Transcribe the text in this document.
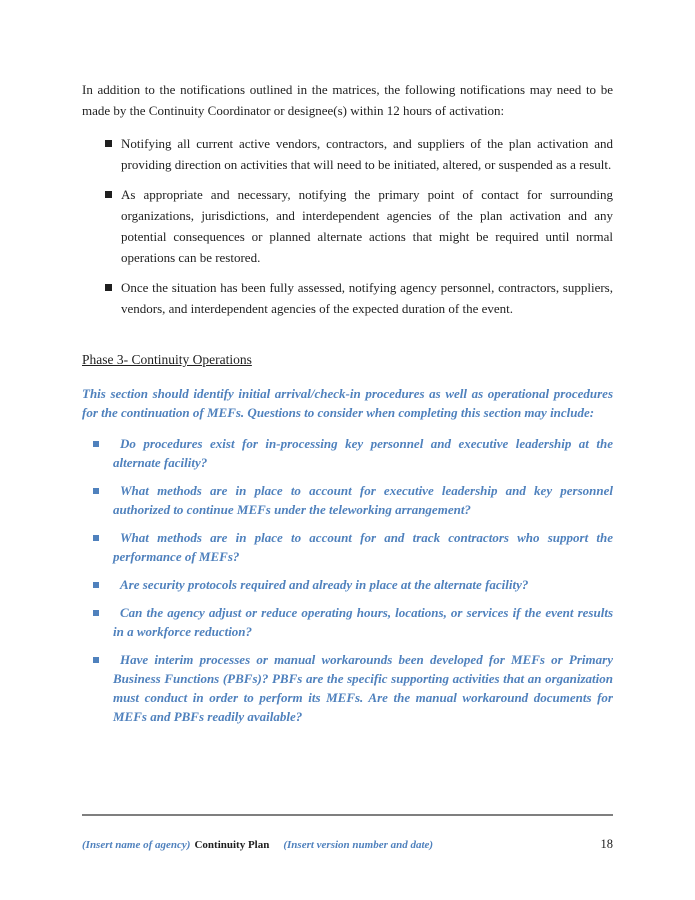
In addition to the notifications outlined in the matrices, the following notifications may need to be made by the Continuity Coordinator or designee(s) within 12 hours of activation:

Notifying all current active vendors, contractors, and suppliers of the plan activation and providing direction on activities that will need to be initiated, altered, or suspended as a result.
As appropriate and necessary, notifying the primary point of contact for surrounding organizations, jurisdictions, and interdependent agencies of the plan activation and any potential consequences or planned alternate actions that might be required until normal operations can be restored.
Once the situation has been fully assessed, notifying agency personnel, contractors, suppliers, vendors, and interdependent agencies of the expected duration of the event.
Phase 3- Continuity Operations

This section should identify initial arrival/check-in procedures as well as operational procedures for the continuation of MEFs. Questions to consider when completing this section may include:

Do procedures exist for in-processing key personnel and executive leadership at the alternate facility?
What methods are in place to account for executive leadership and key personnel authorized to continue MEFs under the teleworking arrangement?
What methods are in place to account for and track contractors who support the performance of MEFs?
Are security protocols required and already in place at the alternate facility?
Can the agency adjust or reduce operating hours, locations, or services if the event results in a workforce reduction?
Have interim processes or manual workarounds been developed for MEFs or Primary Business Functions (PBFs)? PBFs are the specific supporting activities that an organization must conduct in order to perform its MEFs. Are the manual workaround documents for MEFs and PBFs readily available?
(Insert name of agency) Continuity Plan (Insert version number and date)	18
